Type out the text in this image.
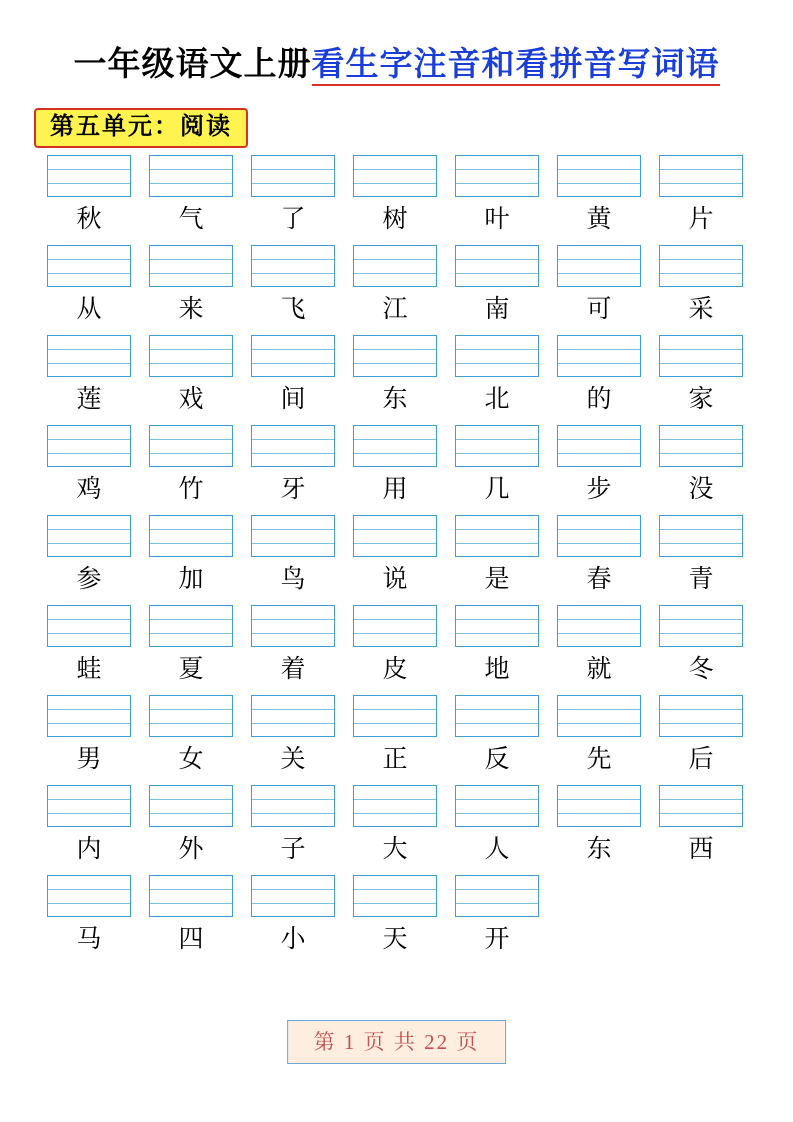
一年级语文上册看生字注音和看拼音写词语
第五单元：阅读
秋	气	了	树	叶	黄	片
从	来	飞	江	南	可	采
莲	戏	间	东	北	的	家
鸡	竹	牙	用	几	步	没
参	加	鸟	说	是	春	青
蛙	夏	着	皮	地	就	冬
男	女	关	正	反	先	后
内	外	子	大	人	东	西
马	四	小	天	开
第 1 页 共 22 页
